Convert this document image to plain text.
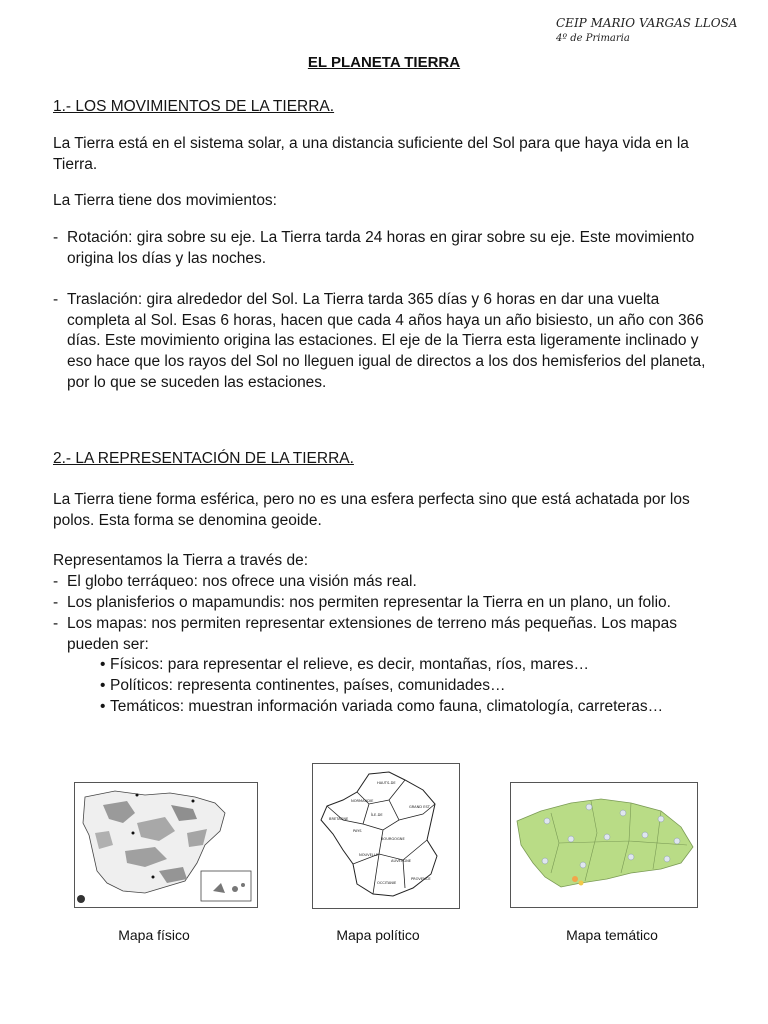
CEIP MARIO VARGAS LLOSA
4º de Primaria
EL PLANETA TIERRA
1.- LOS MOVIMIENTOS DE LA TIERRA.
La Tierra está en el sistema solar, a una distancia suficiente del Sol para que haya vida en la Tierra.
La Tierra tiene dos movimientos:
- Rotación: gira sobre su eje. La Tierra tarda 24 horas en girar sobre su eje. Este movimiento origina los días y las noches.
- Traslación: gira alrededor del Sol. La Tierra tarda 365 días y 6 horas en dar una vuelta completa al Sol. Esas 6 horas, hacen que cada 4 años haya un año bisiesto, un año con 366 días. Este movimiento origina las estaciones. El eje de la Tierra esta ligeramente inclinado y eso hace que los rayos del Sol no lleguen igual de directos a los dos hemisferios del planeta, por lo que se suceden las estaciones.
2.- LA REPRESENTACIÓN DE LA TIERRA.
La Tierra tiene forma esférica, pero no es una esfera perfecta sino que está achatada por los polos. Esta forma se denomina geoide.
Representamos la Tierra a través de:
- El globo terráqueo: nos ofrece una visión más real.
- Los planisferios o mapamundis: nos permiten representar la Tierra en un plano, un folio.
- Los mapas: nos permiten representar extensiones de terreno más pequeñas. Los mapas pueden ser:
• Físicos: para representar el relieve, es decir, montañas, ríos, mares…
• Políticos: representa continentes, países, comunidades…
• Temáticos: muestran información variada como fauna, climatología, carreteras…
HAUTS-DE
NORMANDIE
GRAND EST
BRETAGNE
ÎLE-DE
PAYS
BOURGOGNE
NOUVELLE
AUVERGNE
OCCITANIE
PROVENCE
Mapa físico	Mapa político	Mapa temático
